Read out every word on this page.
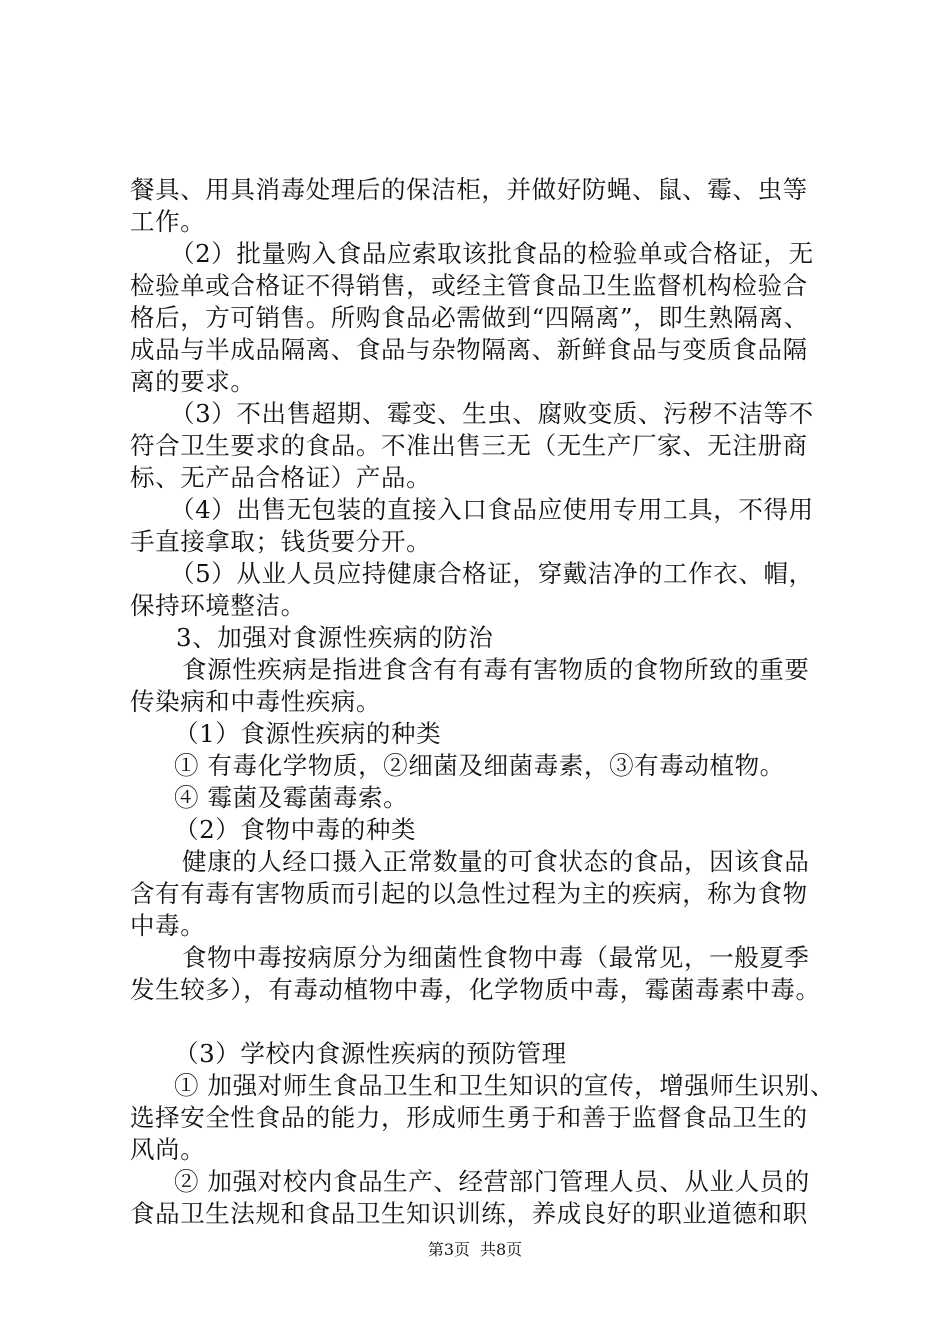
餐具、用具消毒处理后的保洁柜，并做好防蝇、鼠、霉、虫等
工作。
（2）批量购入食品应索取该批食品的检验单或合格证，无
检验单或合格证不得销售，或经主管食品卫生监督机构检验合
格后，方可销售。所购食品必需做到“四隔离”，即生熟隔离、
成品与半成品隔离、食品与杂物隔离、新鲜食品与变质食品隔
离的要求。
（3）不出售超期、霉变、生虫、腐败变质、污秽不洁等不
符合卫生要求的食品。不准出售三无（无生产厂家、无注册商
标、无产品合格证）产品。
（4）出售无包装的直接入口食品应使用专用工具，不得用
手直接拿取；钱货要分开。
（5）从业人员应持健康合格证，穿戴洁净的工作衣、帽，
保持环境整洁。
3、加强对食源性疾病的防治
食源性疾病是指进食含有有毒有害物质的食物所致的重要
传染病和中毒性疾病。
（1）食源性疾病的种类
① 有毒化学物质，②细菌及细菌毒素，③有毒动植物。
④ 霉菌及霉菌毒索。
（2）食物中毒的种类
健康的人经口摄入正常数量的可食状态的食品，因该食品
含有有毒有害物质而引起的以急性过程为主的疾病，称为食物
中毒。
食物中毒按病原分为细菌性食物中毒（最常见，一般夏季
发生较多），有毒动植物中毒，化学物质中毒，霉菌毒素中毒。
（3）学校内食源性疾病的预防管理
① 加强对师生食品卫生和卫生知识的宣传，增强师生识别、
选择安全性食品的能力，形成师生勇于和善于监督食品卫生的
风尚。
② 加强对校内食品生产、经营部门管理人员、从业人员的
食品卫生法规和食品卫生知识训练，养成良好的职业道德和职
第3页 共8页
